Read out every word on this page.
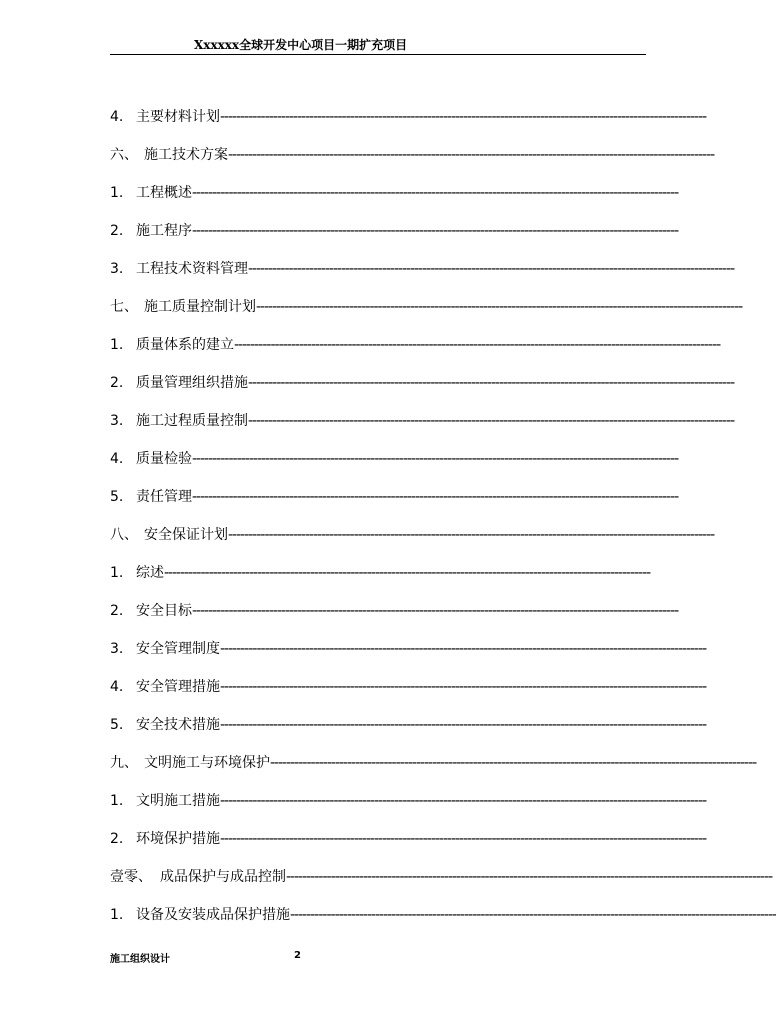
Xxxxxx全球开发中心项目一期扩充项目
4. 主要材料计划------------------------------------------------------------------------------------------------------------------------
六、 施工技术方案------------------------------------------------------------------------------------------------------------------------
1. 工程概述------------------------------------------------------------------------------------------------------------------------
2. 施工程序------------------------------------------------------------------------------------------------------------------------
3. 工程技术资料管理------------------------------------------------------------------------------------------------------------------------
七、 施工质量控制计划------------------------------------------------------------------------------------------------------------------------
1. 质量体系的建立------------------------------------------------------------------------------------------------------------------------
2. 质量管理组织措施------------------------------------------------------------------------------------------------------------------------
3. 施工过程质量控制------------------------------------------------------------------------------------------------------------------------
4. 质量检验------------------------------------------------------------------------------------------------------------------------
5. 责任管理------------------------------------------------------------------------------------------------------------------------
八、 安全保证计划------------------------------------------------------------------------------------------------------------------------
1. 综述------------------------------------------------------------------------------------------------------------------------
2. 安全目标------------------------------------------------------------------------------------------------------------------------
3. 安全管理制度------------------------------------------------------------------------------------------------------------------------
4. 安全管理措施------------------------------------------------------------------------------------------------------------------------
5. 安全技术措施------------------------------------------------------------------------------------------------------------------------
九、 文明施工与环境保护------------------------------------------------------------------------------------------------------------------------
1. 文明施工措施------------------------------------------------------------------------------------------------------------------------
2. 环境保护措施------------------------------------------------------------------------------------------------------------------------
壹零、 成品保护与成品控制------------------------------------------------------------------------------------------------------------------------
1. 设备及安装成品保护措施------------------------------------------------------------------------------------------------------------------------
施工组织设计	2
